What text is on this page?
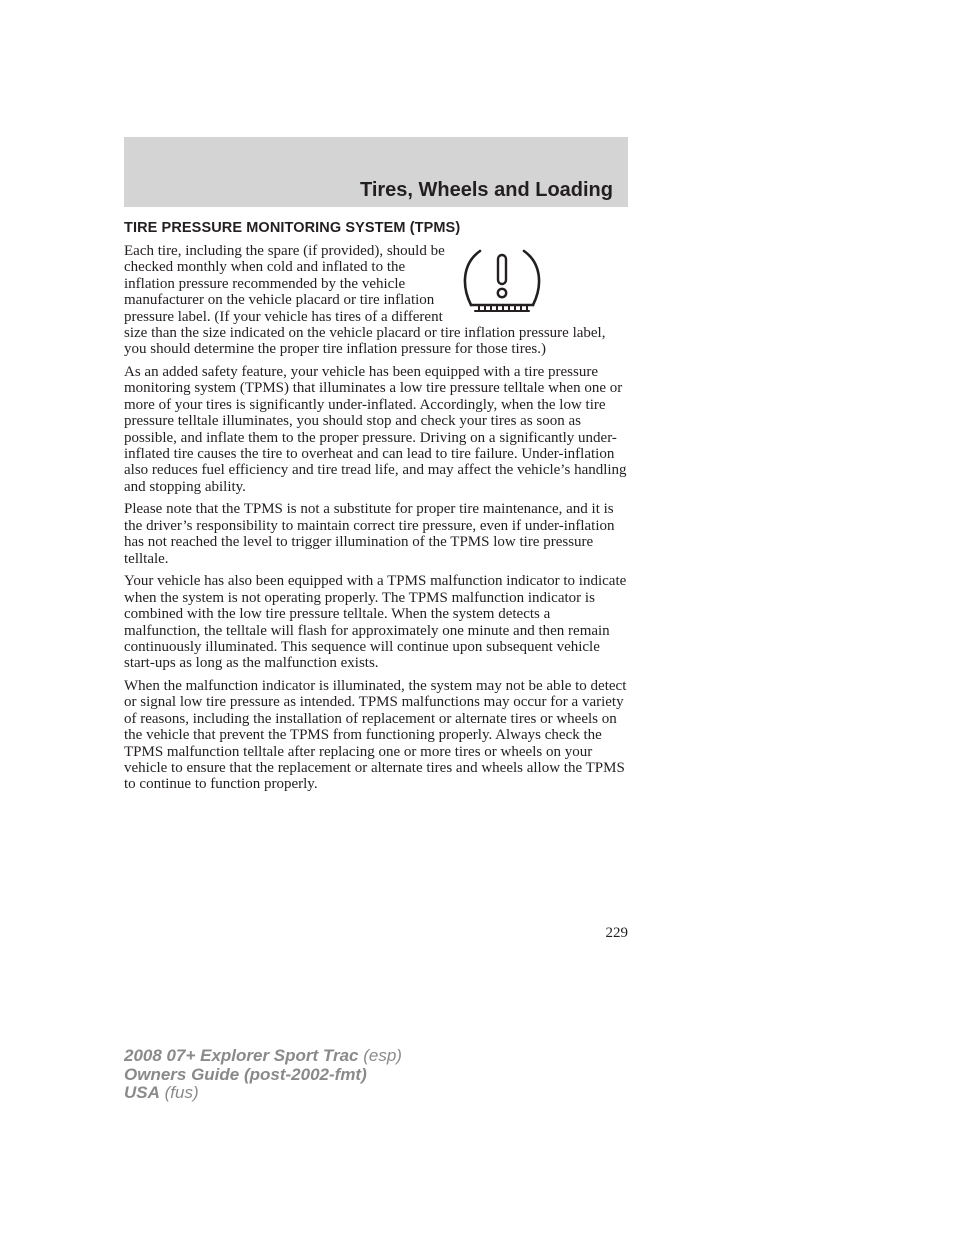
Tires, Wheels and Loading
TIRE PRESSURE MONITORING SYSTEM (TPMS)

Each tire, including the spare (if provided), should be checked monthly when cold and inflated to the inflation pressure recommended by the vehicle manufacturer on the vehicle placard or tire inflation pressure label. (If your vehicle has tires of a different size than the size indicated on the vehicle placard or tire inflation pressure label, you should determine the proper tire inflation pressure for those tires.)

As an added safety feature, your vehicle has been equipped with a tire pressure monitoring system (TPMS) that illuminates a low tire pressure telltale when one or more of your tires is significantly under-inflated. Accordingly, when the low tire pressure telltale illuminates, you should stop and check your tires as soon as possible, and inflate them to the proper pressure. Driving on a significantly under-inflated tire causes the tire to overheat and can lead to tire failure. Under-inflation also reduces fuel efficiency and tire tread life, and may affect the vehicle’s handling and stopping ability.

Please note that the TPMS is not a substitute for proper tire maintenance, and it is the driver’s responsibility to maintain correct tire pressure, even if under-inflation has not reached the level to trigger illumination of the TPMS low tire pressure telltale.

Your vehicle has also been equipped with a TPMS malfunction indicator to indicate when the system is not operating properly. The TPMS malfunction indicator is combined with the low tire pressure telltale. When the system detects a malfunction, the telltale will flash for approximately one minute and then remain continuously illuminated. This sequence will continue upon subsequent vehicle start-ups as long as the malfunction exists.

When the malfunction indicator is illuminated, the system may not be able to detect or signal low tire pressure as intended. TPMS malfunctions may occur for a variety of reasons, including the installation of replacement or alternate tires or wheels on the vehicle that prevent the TPMS from functioning properly. Always check the TPMS malfunction telltale after replacing one or more tires or wheels on your vehicle to ensure that the replacement or alternate tires and wheels allow the TPMS to continue to function properly.

229
2008 07+ Explorer Sport Trac (esp)
Owners Guide (post-2002-fmt)
USA (fus)
